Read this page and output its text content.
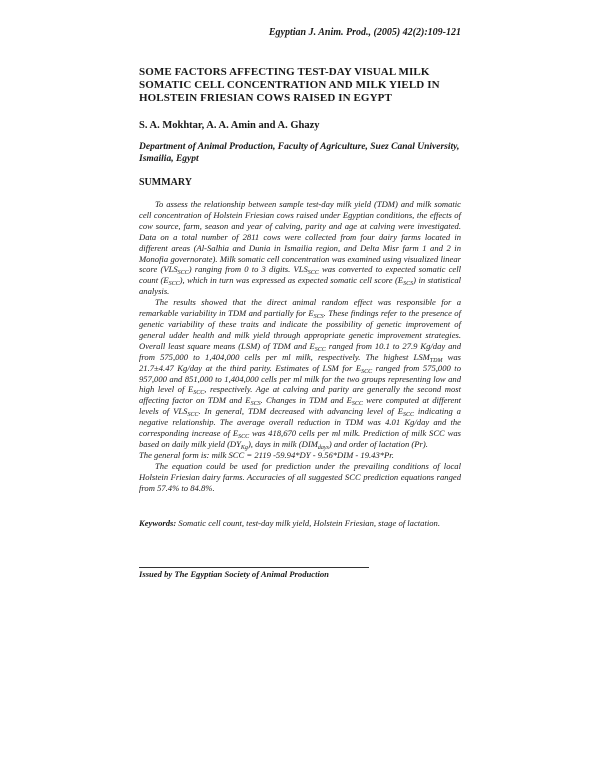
Egyptian J. Anim. Prod., (2005) 42(2):109-121
SOME FACTORS AFFECTING TEST-DAY VISUAL MILK SOMATIC CELL CONCENTRATION AND MILK YIELD IN HOLSTEIN FRIESIAN COWS RAISED IN EGYPT
S. A. Mokhtar, A. A. Amin and A. Ghazy
Department of Animal Production, Faculty of Agriculture, Suez Canal University, Ismailia, Egypt
SUMMARY

To assess the relationship between sample test-day milk yield (TDM) and milk somatic cell concentration of Holstein Friesian cows raised under Egyptian conditions, the effects of cow source, farm, season and year of calving, parity and age at calving were investigated. Data on a total number of 2811 cows were collected from four dairy farms located in different areas (Al-Salhia and Dunia in Ismailia region, and Delta Misr farm 1 and 2 in Monofia governorate). Milk somatic cell concentration was examined using visualized linear score $(VLS_{SCC})$ ranging from 0 to 3 digits. $VLS_{SCC}$ was converted to expected somatic cell count $(E_{SCC})$, which in turn was expressed as expected somatic cell score $(E_{SCS})$ in statistical analysis.

The results showed that the direct animal random effect was responsible for a remarkable variability in TDM and partially for $E_{SCS}$. These findings refer to the presence of genetic variability of these traits and indicate the possibility of genetic improvement of general udder health and milk yield through appropriate genetic improvement strategies. Overall least square means (LSM) of TDM and $E_{SCC}$ ranged from 10.1 to 27.9 Kg/day and from 575,000 to 1,404,000 cells per ml milk, respectively. The highest $LSM_{TDM}$ was 21.7±4.47 Kg/day at the third parity. Estimates of LSM for $E_{SCC}$ ranged from 575,000 to 957,000 and 851,000 to 1,404,000 cells per ml milk for the two groups representing low and high level of $E_{SCC}$, respectively. Age at calving and parity are generally the second most affecting factor on TDM and $E_{SCS}$. Changes in TDM and $E_{SCC}$ were computed at different levels of $VLS_{SCC}$. In general, TDM decreased with advancing level of $E_{SCC}$ indicating a negative relationship. The average overall reduction in TDM was 4.01 Kg/day and the corresponding increase of $E_{SCC}$ was 418,670 cells per ml milk. Prediction of milk SCC was based on daily milk yield $(DY_{Kg})$, days in milk $(DIM_{days})$ and order of lactation (Pr).

The general form is: milk SCC = 2119 -59.94*DY - 9.56*DIM - 19.43*Pr.

The equation could be used for prediction under the prevailing conditions of local Holstein Friesian dairy farms. Accuracies of all suggested SCC prediction equations ranged from 57.4% to 84.8%.

Keywords: Somatic cell count, test-day milk yield, Holstein Friesian, stage of lactation.
Issued by The Egyptian Society of Animal Production
